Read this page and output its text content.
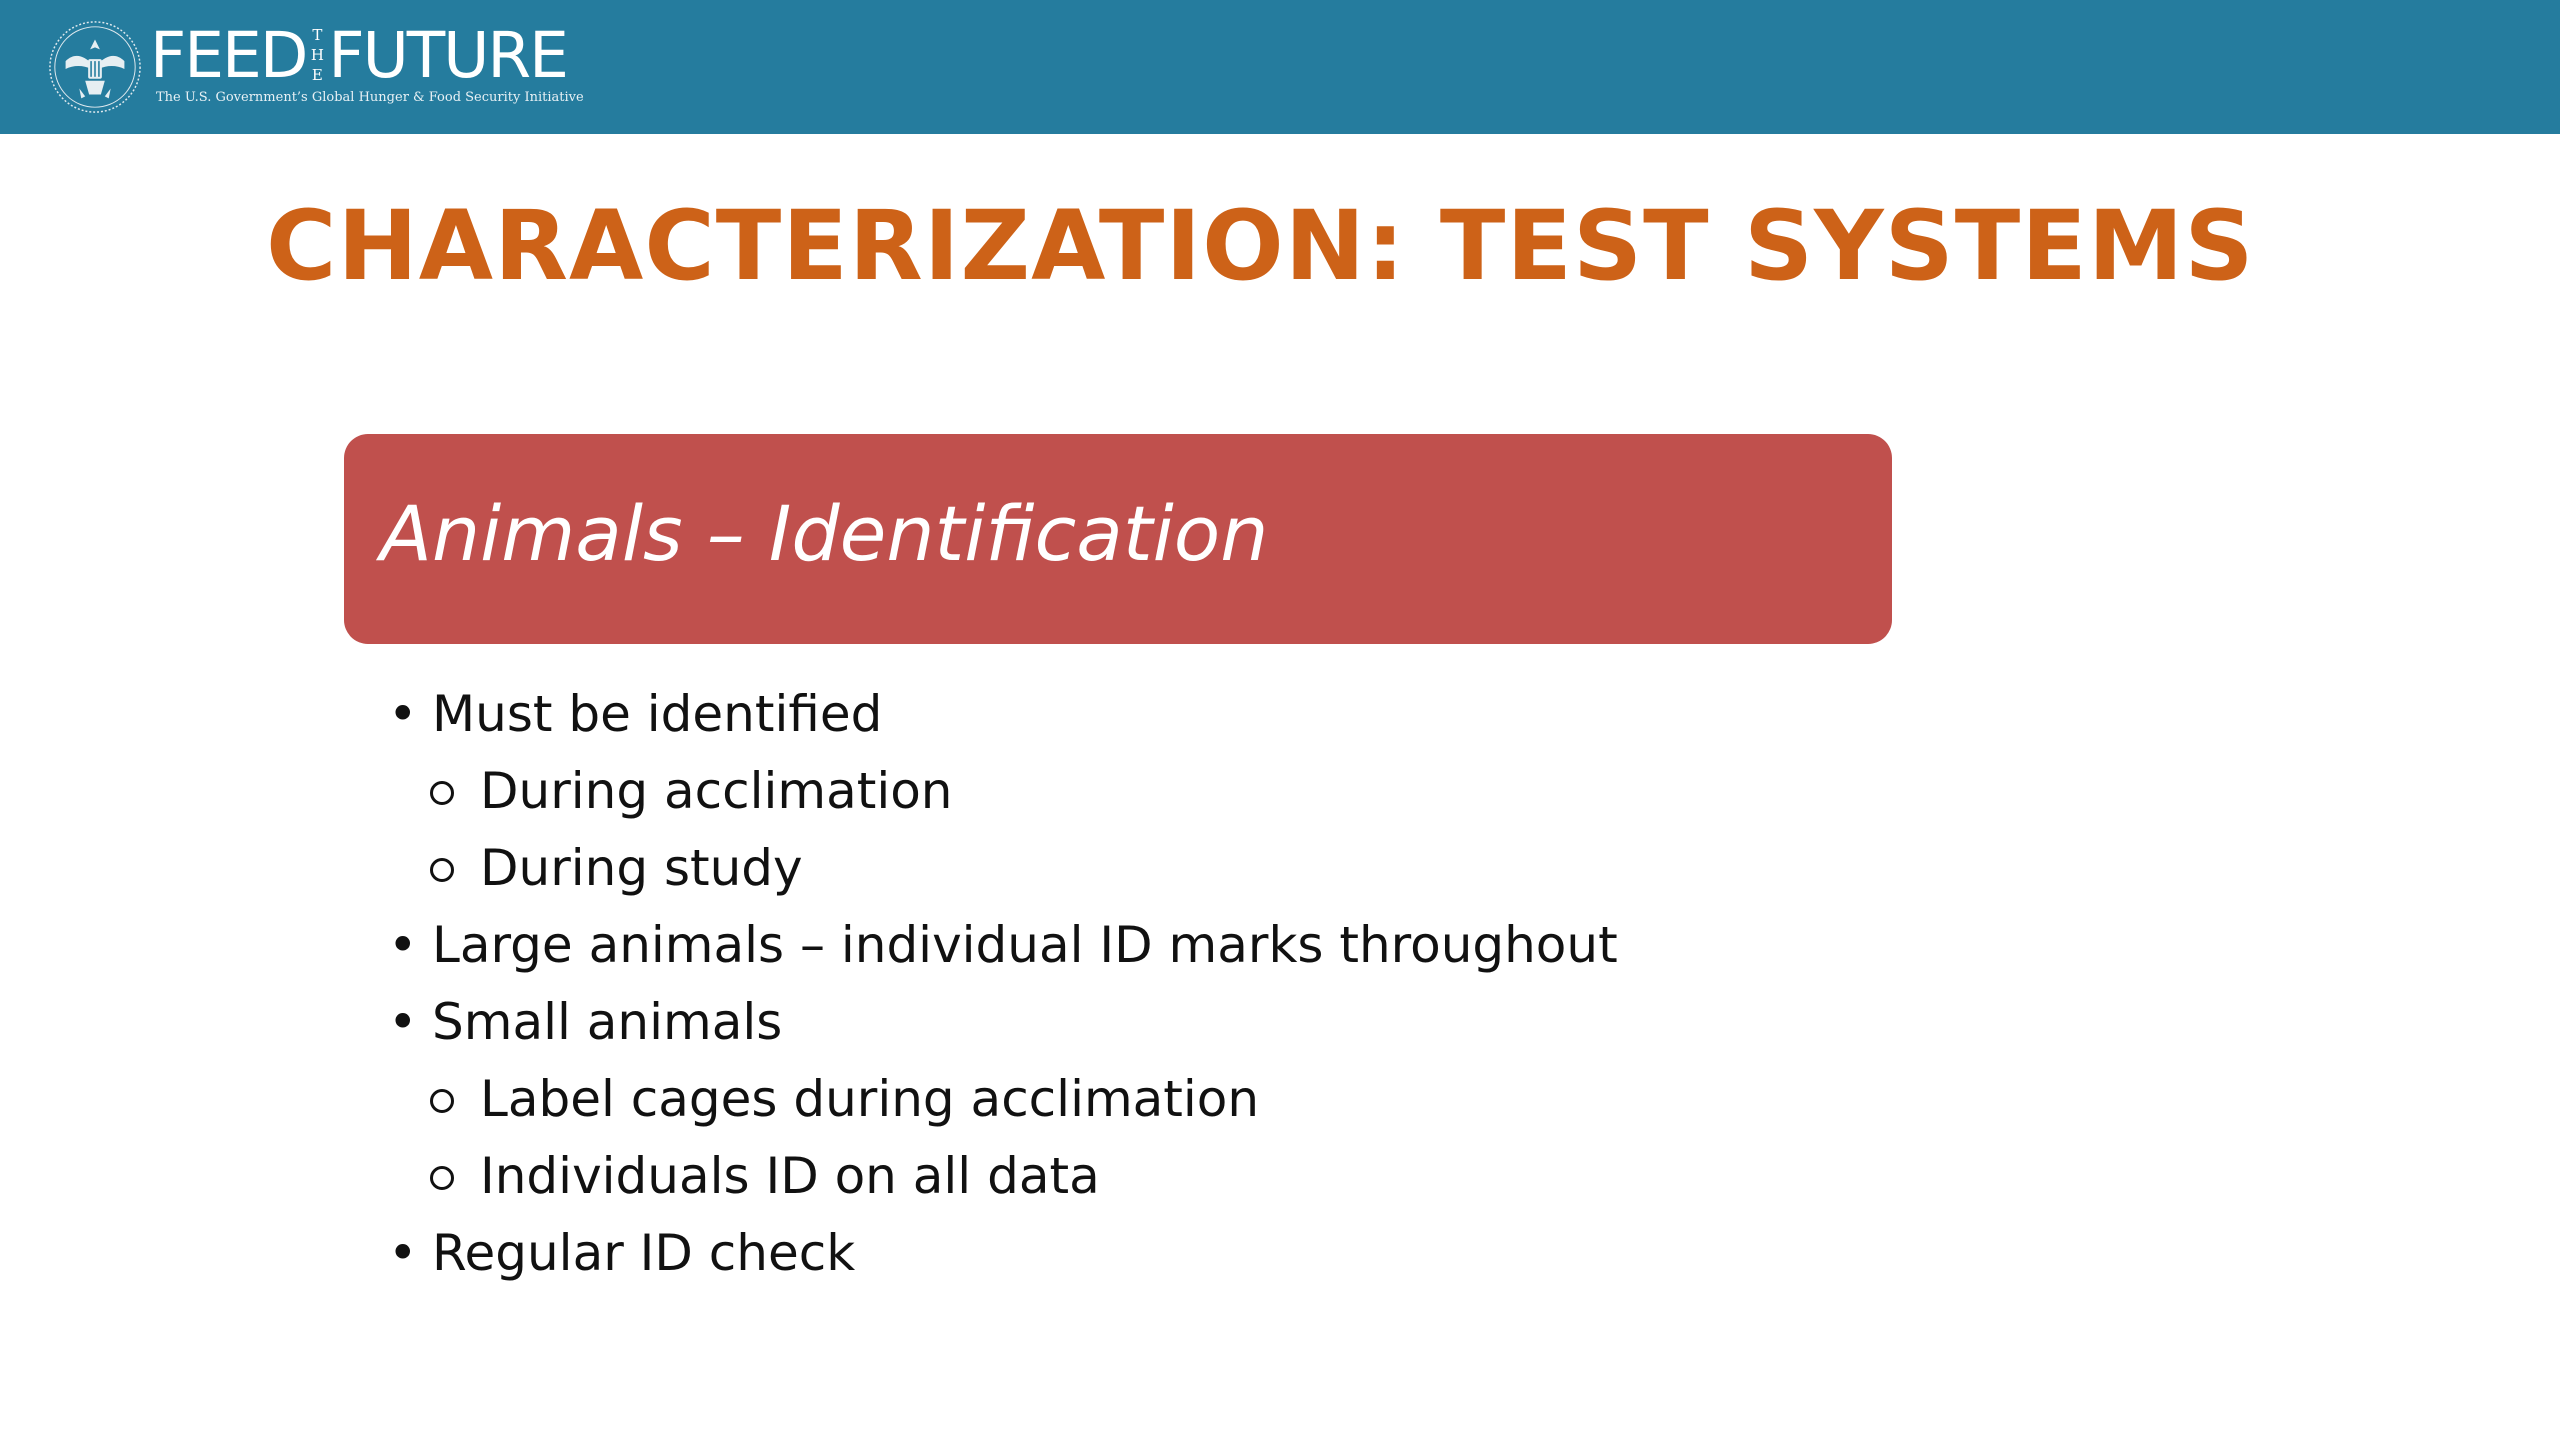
FEED T
H
E FUTURE
The U.S. Government’s Global Hunger & Food Security Initiative
CHARACTERIZATION: TEST SYSTEMS
Animals – Identification
• Must be identified
During acclimation
During study
• Large animals – individual ID marks throughout
• Small animals
Label cages during acclimation
Individuals ID on all data
• Regular ID check
